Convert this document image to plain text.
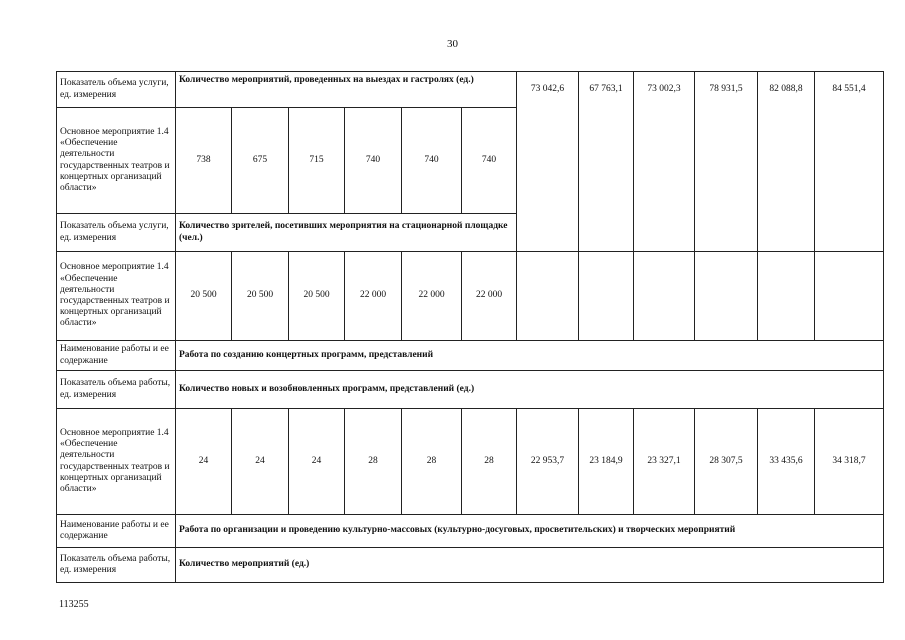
30
Показатель объема услуги, ед. измерения	Количество мероприятий, проведенных на выездах и гастролях (ед.)						73 042,6	67 763,1	73 002,3	78 931,5	82 088,8	84 551,4
Основное мероприятие 1.4 «Обеспечение деятельности государственных театров и концертных организаций области»	738	675	715	740	740	740						
Показатель объема услуги, ед. измерения	Количество зрителей, посетивших мероприятия на стационарной площадке (чел.)											
Основное мероприятие 1.4 «Обеспечение деятельности государственных театров и концертных организаций области»	20 500	20 500	20 500	22 000	22 000	22 000						
Наименование работы и ее содержание	Работа по созданию концертных программ, представлений											
Показатель объема работы, ед. измерения	Количество новых и возобновленных программ, представлений (ед.)											
Основное мероприятие 1.4 «Обеспечение деятельности государственных театров и концертных организаций области»	24	24	24	28	28	28	22 953,7	23 184,9	23 327,1	28 307,5	33 435,6	34 318,7
Наименование работы и ее содержание	Работа по организации и проведению культурно-массовых (культурно-досуговых, просветительских) и творческих мероприятий											
Показатель объема работы, ед. измерения	Количество мероприятий (ед.)											
113255
